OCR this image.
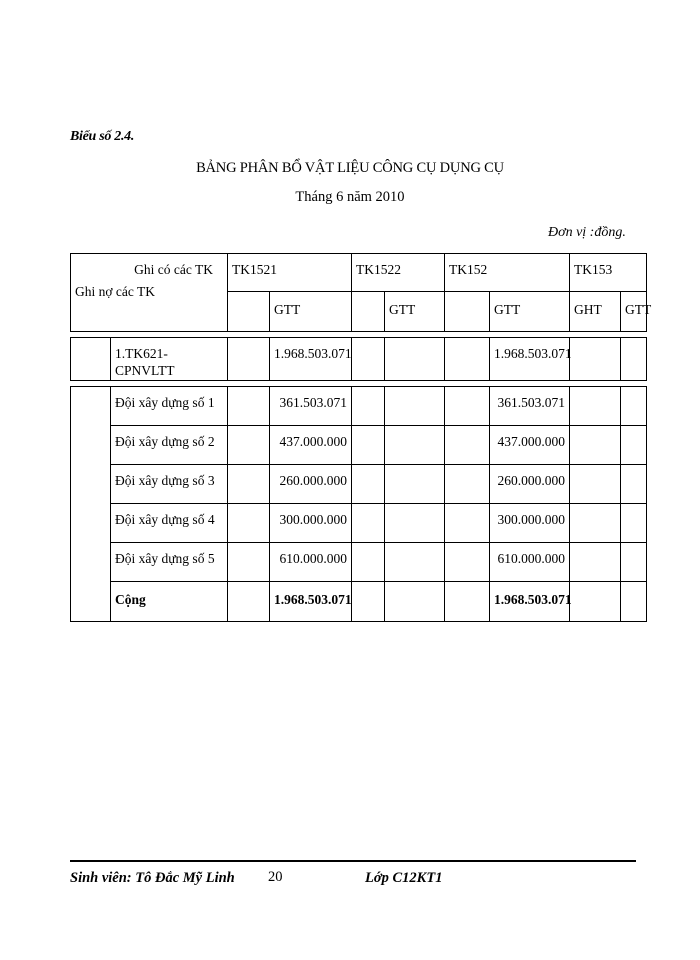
Biểu số 2.4.
BẢNG PHÂN BỔ VẬT LIỆU CÔNG CỤ DỤNG CỤ
Tháng 6 năm 2010
Đơn vị :đồng.
Ghi có các TK		TK1521		TK1522		TK152		TK153	
Ghi nợ các TK			GTT		GTT		GTT	GHT	GTT

	1.TK621-CPNVLTT		1.968.503.071				1.968.503.071		

	Đội xây dựng số 1		361.503.071				361.503.071		
	Đội xây dựng số 2		437.000.000				437.000.000		
	Đội xây dựng số 3		260.000.000				260.000.000		
	Đội xây dựng số 4		300.000.000				300.000.000		
	Đội xây dựng số 5		610.000.000				610.000.000		
	Cộng		1.968.503.071				1.968.503.071		
Sinh viên: Tô Đắc Mỹ Linh 20	Lớp C12KT1
